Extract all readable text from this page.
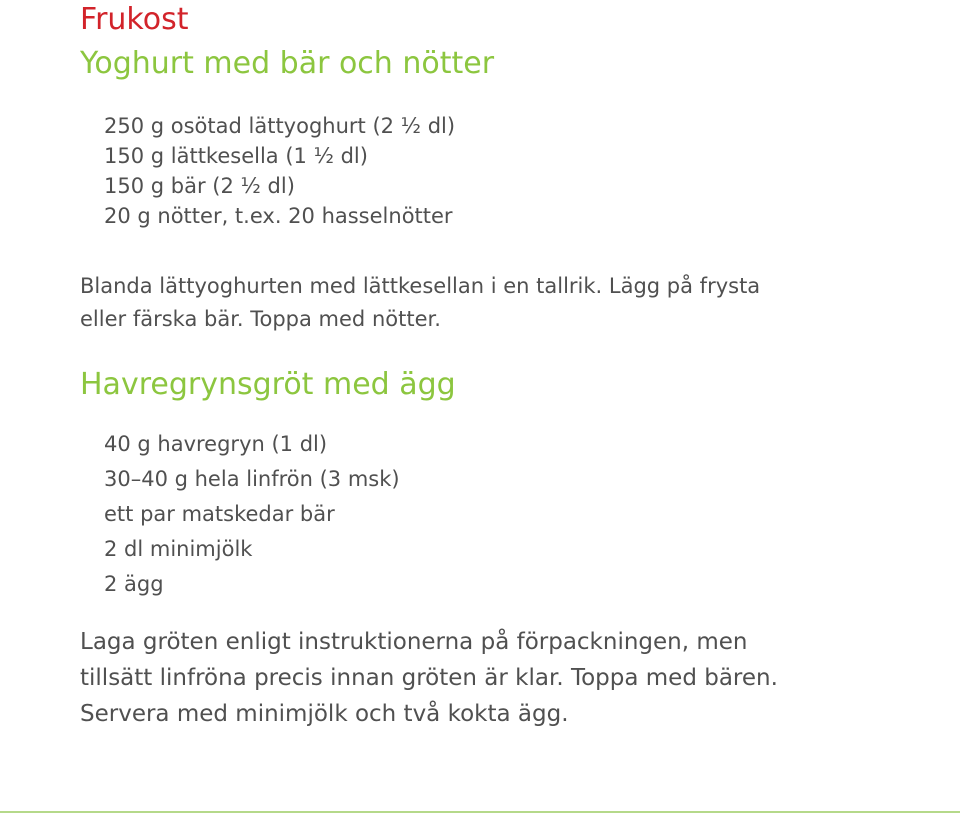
Frukost
Yoghurt med bär och nötter
250 g osötad lättyoghurt (2 ½ dl)
150 g lättkesella (1 ½ dl)
150 g bär (2 ½ dl)
20 g nötter, t.ex. 20 hasselnötter
Blanda lättyoghurten med lättkesellan i en tallrik. Lägg på frysta
eller färska bär. Toppa med nötter.
Havregrynsgröt med ägg
40 g havregryn (1 dl)
30–40 g hela linfrön (3 msk)
ett par matskedar bär
2 dl minimjölk
2 ägg
Laga gröten enligt instruktionerna på förpackningen, men
tillsätt linfröna precis innan gröten är klar. Toppa med bären.
Servera med minimjölk och två kokta ägg.
